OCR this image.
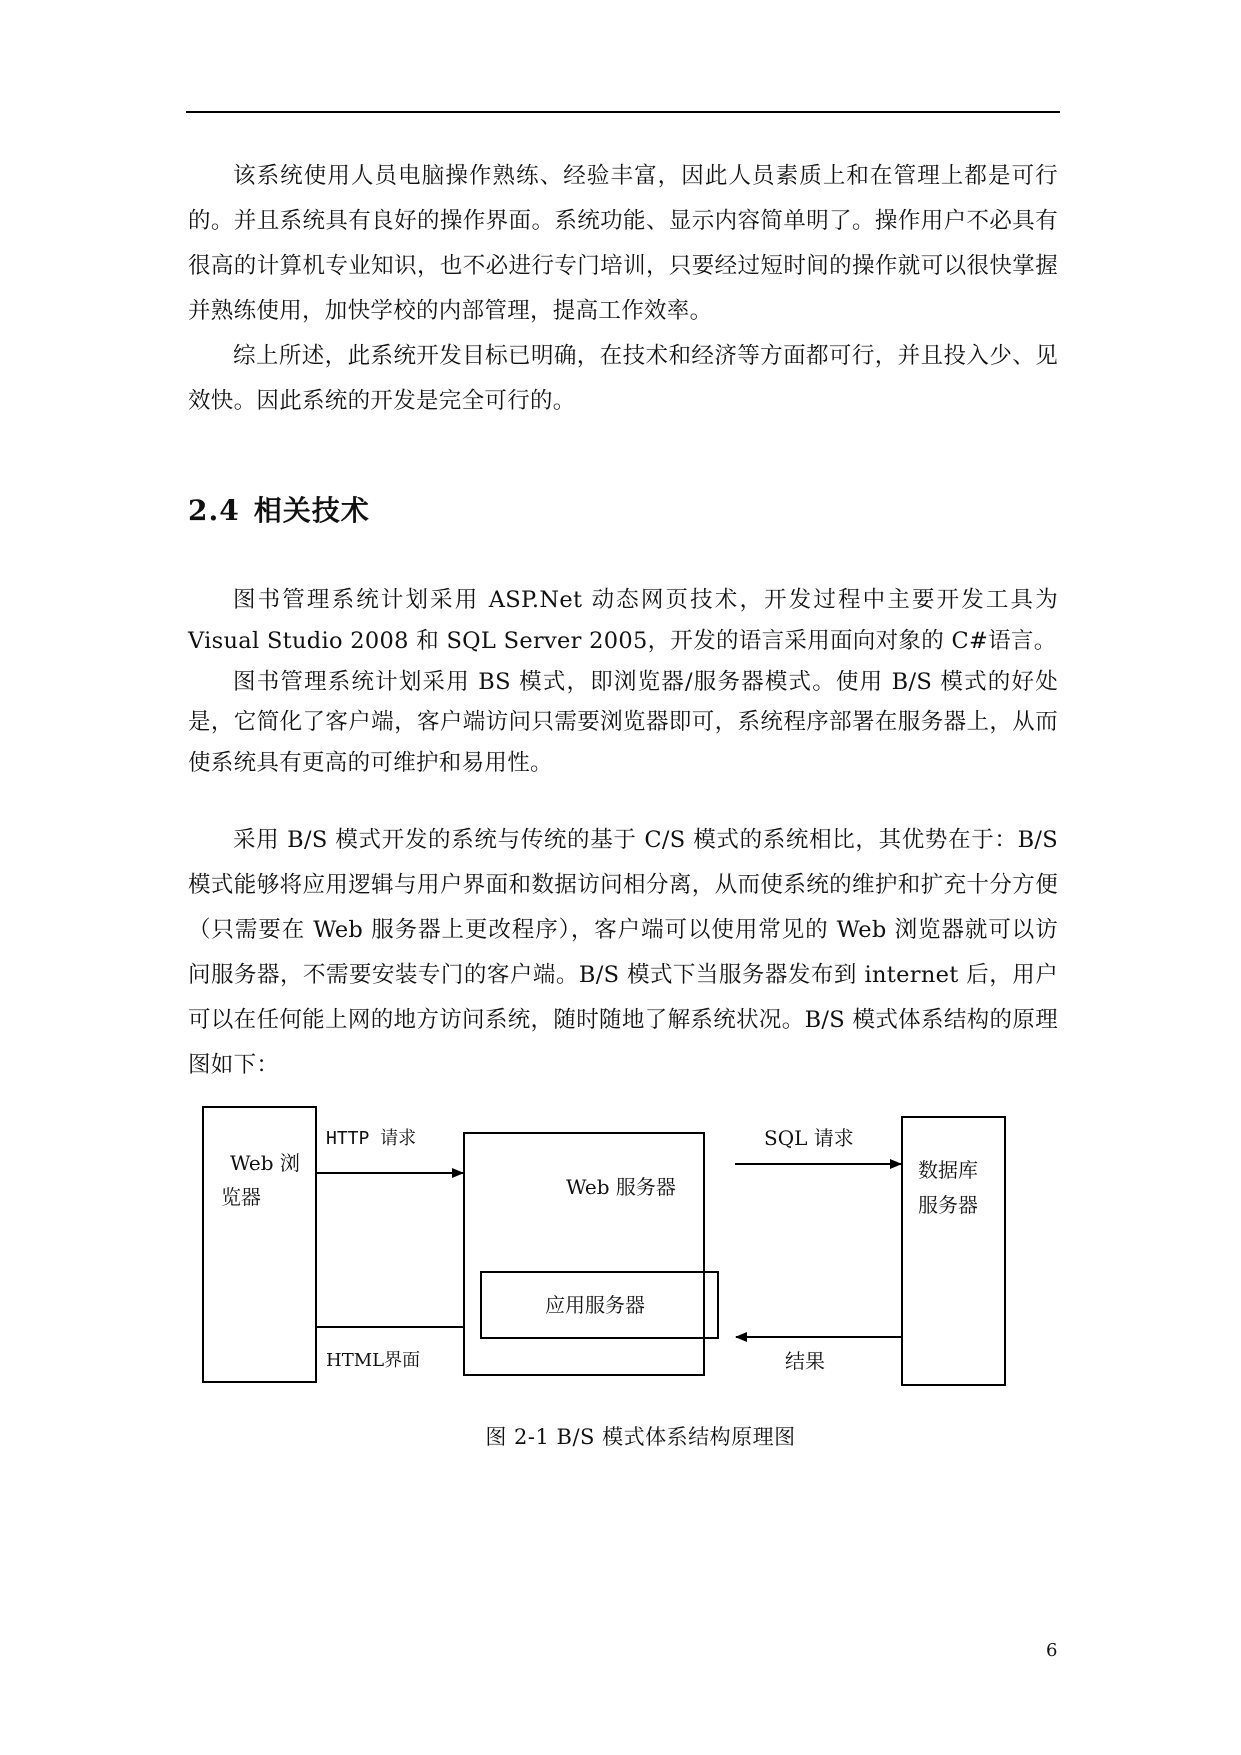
该系统使用人员电脑操作熟练、经验丰富，因此人员素质上和在管理上都是可行的。并且系统具有良好的操作界面。系统功能、显示内容简单明了。操作用户不必具有很高的计算机专业知识，也不必进行专门培训，只要经过短时间的操作就可以很快掌握并熟练使用，加快学校的内部管理，提高工作效率。

综上所述，此系统开发目标已明确，在技术和经济等方面都可行，并且投入少、见效快。因此系统的开发是完全可行的。

2.4 相关技术

图书管理系统计划采用 ASP.Net 动态网页技术，开发过程中主要开发工具为 Visual Studio 2008 和 SQL Server 2005，开发的语言采用面向对象的 C#语言。

图书管理系统计划采用 BS 模式，即浏览器/服务器模式。使用 B/S 模式的好处是，它简化了客户端，客户端访问只需要浏览器即可，系统程序部署在服务器上，从而使系统具有更高的可维护和易用性。

采用 B/S 模式开发的系统与传统的基于 C/S 模式的系统相比，其优势在于：B/S 模式能够将应用逻辑与用户界面和数据访问相分离，从而使系统的维护和扩充十分方便（只需要在 Web 服务器上更改程序），客户端可以使用常见的 Web 浏览器就可以访问服务器，不需要安装专门的客户端。B/S 模式下当服务器发布到 internet 后，用户可以在任何能上网的地方访问系统，随时随地了解系统状况。B/S 模式体系结构的原理图如下：

Web 浏
览器
HTTP 请求
HTML界面
Web 服务器
应用服务器
SQL 请求
结果
数据库
服务器
图 2-1 B/S 模式体系结构原理图
6
